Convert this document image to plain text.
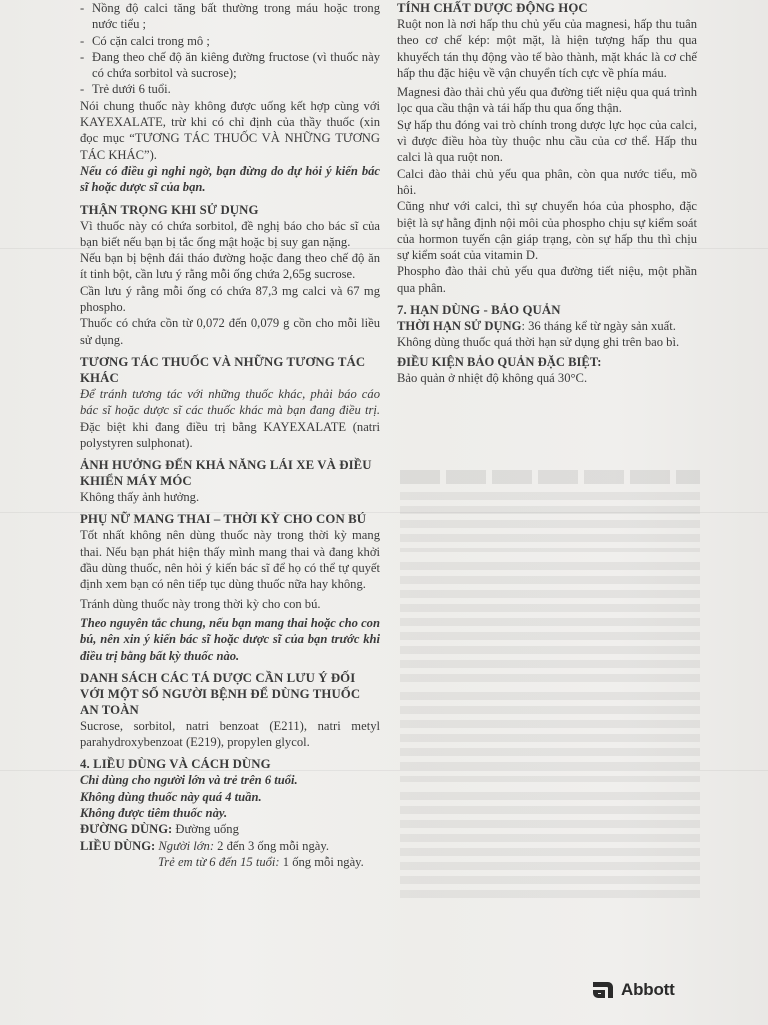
- Nồng độ calci tăng bất thường trong máu hoặc trong nước tiểu ;
- Có cặn calci trong mô ;
- Đang theo chế độ ăn kiêng đường fructose (vì thuốc này có chứa sorbitol và sucrose);
- Trẻ dưới 6 tuổi.

Nói chung thuốc này không được uống kết hợp cùng với KAYEXALATE, trừ khi có chỉ định của thầy thuốc (xin đọc mục “TƯƠNG TÁC THUỐC VÀ NHỮNG TƯƠNG TÁC KHÁC”).

Nếu có điều gì nghi ngờ, bạn đừng do dự hỏi ý kiến bác sĩ hoặc dược sĩ của bạn.

THẬN TRỌNG KHI SỬ DỤNG

Vì thuốc này có chứa sorbitol, đề nghị báo cho bác sĩ của bạn biết nếu bạn bị tắc ống mật hoặc bị suy gan nặng.

Nếu bạn bị bệnh đái tháo đường hoặc đang theo chế độ ăn ít tinh bột, cần lưu ý rằng mỗi ống chứa 2,65g sucrose.

Cần lưu ý rằng mỗi ống có chứa 87,3 mg calci và 67 mg phospho.

Thuốc có chứa cồn từ 0,072 đến 0,079 g cồn cho mỗi liều sử dụng.

TƯƠNG TÁC THUỐC VÀ NHỮNG TƯƠNG TÁC KHÁC

Để tránh tương tác với những thuốc khác, phải báo cáo bác sĩ hoặc dược sĩ các thuốc khác mà bạn đang điều trị. Đặc biệt khi đang điều trị bằng KAYEXALATE (natri polystyren sulphonat).

ẢNH HƯỞNG ĐẾN KHẢ NĂNG LÁI XE VÀ ĐIỀU KHIỂN MÁY MÓC

Không thấy ảnh hưởng.

PHỤ NỮ MANG THAI – THỜI KỲ CHO CON BÚ

Tốt nhất không nên dùng thuốc này trong thời kỳ mang thai. Nếu bạn phát hiện thấy mình mang thai và đang khởi đầu dùng thuốc, nên hỏi ý kiến bác sĩ để họ có thể tự quyết định xem bạn có nên tiếp tục dùng thuốc nữa hay không.

Tránh dùng thuốc này trong thời kỳ cho con bú.

Theo nguyên tắc chung, nếu bạn mang thai hoặc cho con bú, nên xin ý kiến bác sĩ hoặc dược sĩ của bạn trước khi điều trị bằng bất kỳ thuốc nào.

DANH SÁCH CÁC TÁ DƯỢC CẦN LƯU Ý ĐỐI VỚI MỘT SỐ NGƯỜI BỆNH ĐỂ DÙNG THUỐC AN TOÀN

Sucrose, sorbitol, natri benzoat (E211), natri metyl parahydroxybenzoat (E219), propylen glycol.

4. LIỀU DÙNG VÀ CÁCH DÙNG
Chỉ dùng cho người lớn và trẻ trên 6 tuổi.
Không dùng thuốc này quá 4 tuần.
Không được tiêm thuốc này.

ĐƯỜNG DÙNG: Đường uống

LIỀU DÙNG: Người lớn: 2 đến 3 ống mỗi ngày.

Trẻ em từ 6 đến 15 tuổi: 1 ống mỗi ngày.

TÍNH CHẤT DƯỢC ĐỘNG HỌC

Ruột non là nơi hấp thu chủ yếu của magnesi, hấp thu tuân theo cơ chế kép: một mặt, là hiện tượng hấp thu qua khuyếch tán thụ động vào tế bào thành, mặt khác là cơ chế hấp thu đặc hiệu về vận chuyển tích cực về phía máu.

Magnesi đào thải chủ yếu qua đường tiết niệu qua quá trình lọc qua cầu thận và tái hấp thu qua ống thận.

Sự hấp thu đóng vai trò chính trong dược lực học của calci, vì được điều hòa tùy thuộc nhu cầu của cơ thể. Hấp thu calci là qua ruột non.

Calci đào thải chủ yếu qua phân, còn qua nước tiểu, mồ hôi.

Cũng như với calci, thì sự chuyển hóa của phospho, đặc biệt là sự hằng định nội môi của phospho chịu sự kiểm soát của hormon tuyến cận giáp trạng, còn sự hấp thu thì chịu sự kiểm soát của vitamin D.

Phospho đào thải chủ yếu qua đường tiết niệu, một phần qua phân.

7. HẠN DÙNG - BẢO QUẢN

THỜI HẠN SỬ DỤNG: 36 tháng kể từ ngày sản xuất.

Không dùng thuốc quá thời hạn sử dụng ghi trên bao bì.

ĐIỀU KIỆN BẢO QUẢN ĐẶC BIỆT:

Bảo quản ở nhiệt độ không quá 30°C.

Abbott
